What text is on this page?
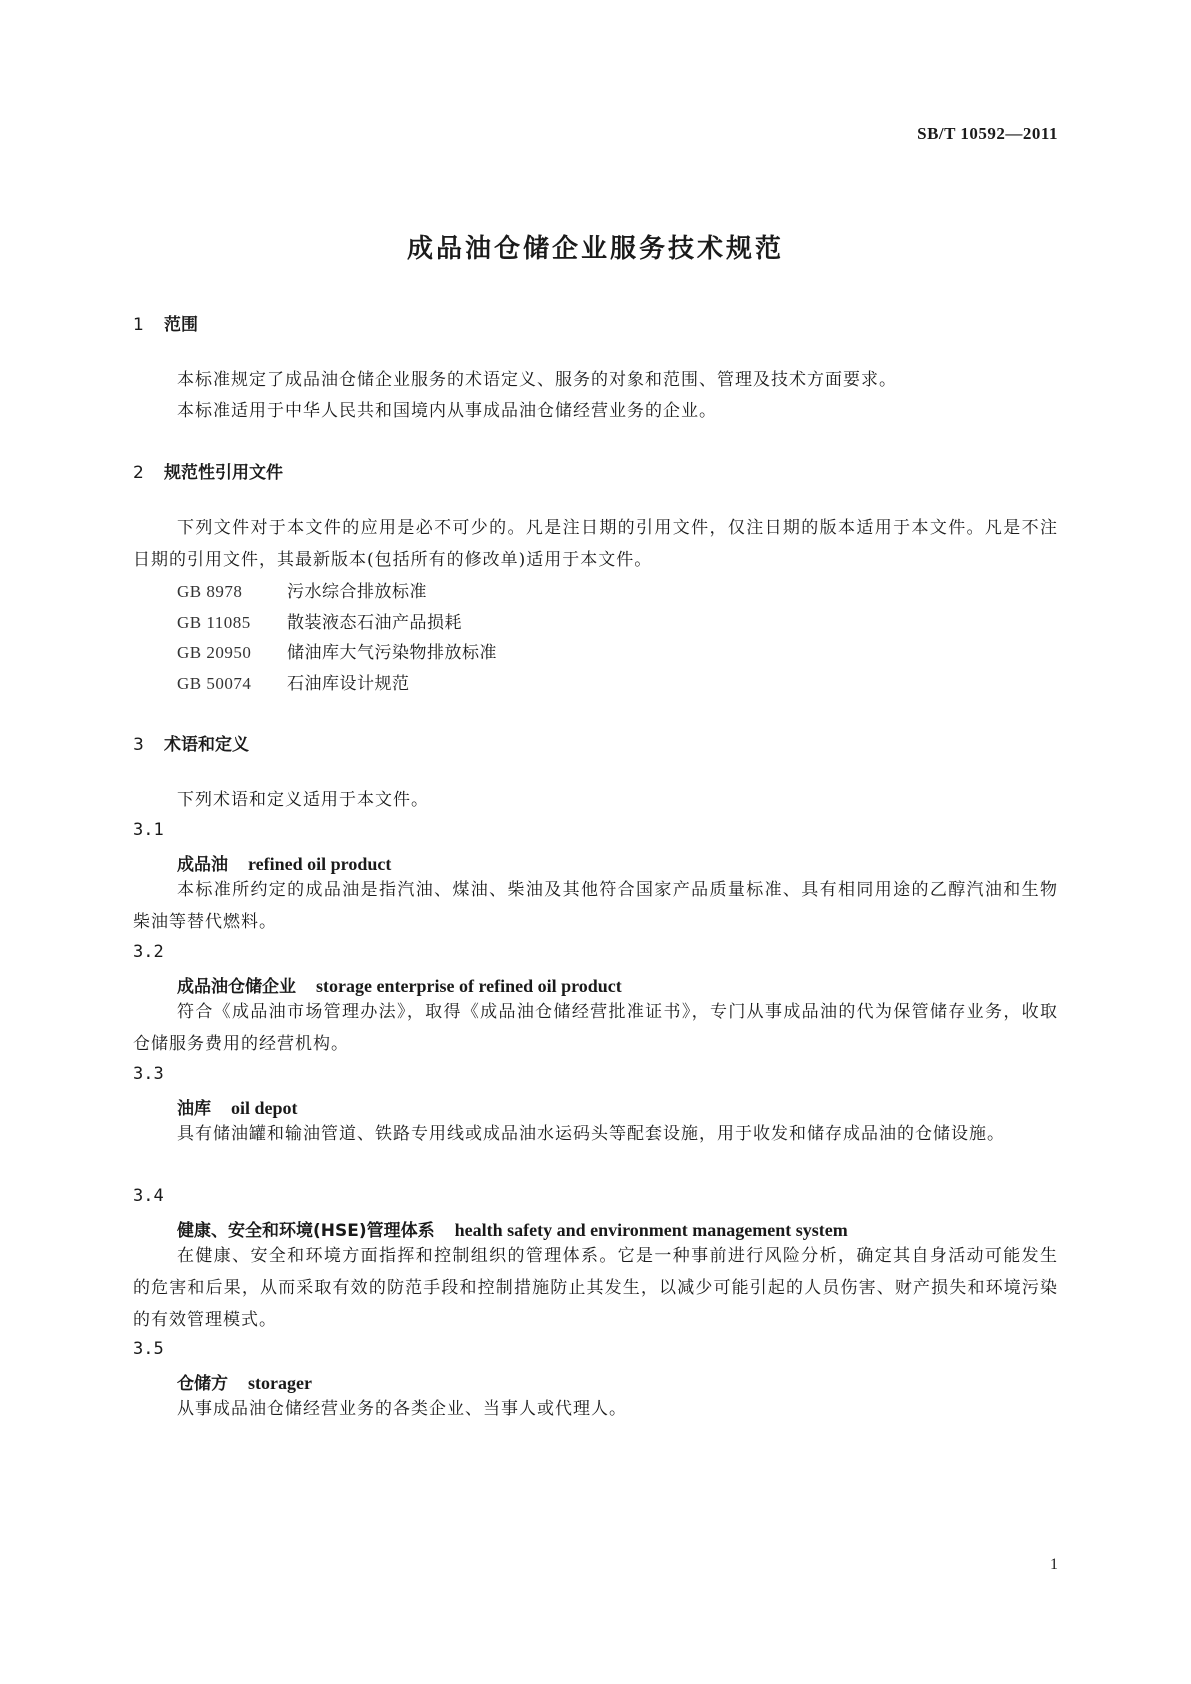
SB/T 10592—2011
成品油仓储企业服务技术规范
1 范围
本标准规定了成品油仓储企业服务的术语定义、服务的对象和范围、管理及技术方面要求。
本标准适用于中华人民共和国境内从事成品油仓储经营业务的企业。
2 规范性引用文件
下列文件对于本文件的应用是必不可少的。凡是注日期的引用文件，仅注日期的版本适用于本文件。凡是不注日期的引用文件，其最新版本(包括所有的修改单)适用于本文件。
GB 8978	污水综合排放标准
GB 11085 散装液态石油产品损耗
GB 20950 储油库大气污染物排放标准
GB 50074 石油库设计规范
3 术语和定义
下列术语和定义适用于本文件。
3.1
成品油 refined oil product
本标准所约定的成品油是指汽油、煤油、柴油及其他符合国家产品质量标准、具有相同用途的乙醇汽油和生物柴油等替代燃料。
3.2
成品油仓储企业 storage enterprise of refined oil product
符合《成品油市场管理办法》，取得《成品油仓储经营批准证书》，专门从事成品油的代为保管储存业务，收取仓储服务费用的经营机构。
3.3
油库 oil depot
具有储油罐和输油管道、铁路专用线或成品油水运码头等配套设施，用于收发和储存成品油的仓储设施。
3.4
健康、安全和环境(HSE)管理体系 health safety and environment management system
在健康、安全和环境方面指挥和控制组织的管理体系。它是一种事前进行风险分析，确定其自身活动可能发生的危害和后果，从而采取有效的防范手段和控制措施防止其发生，以减少可能引起的人员伤害、财产损失和环境污染的有效管理模式。
3.5
仓储方 storager
从事成品油仓储经营业务的各类企业、当事人或代理人。
1
